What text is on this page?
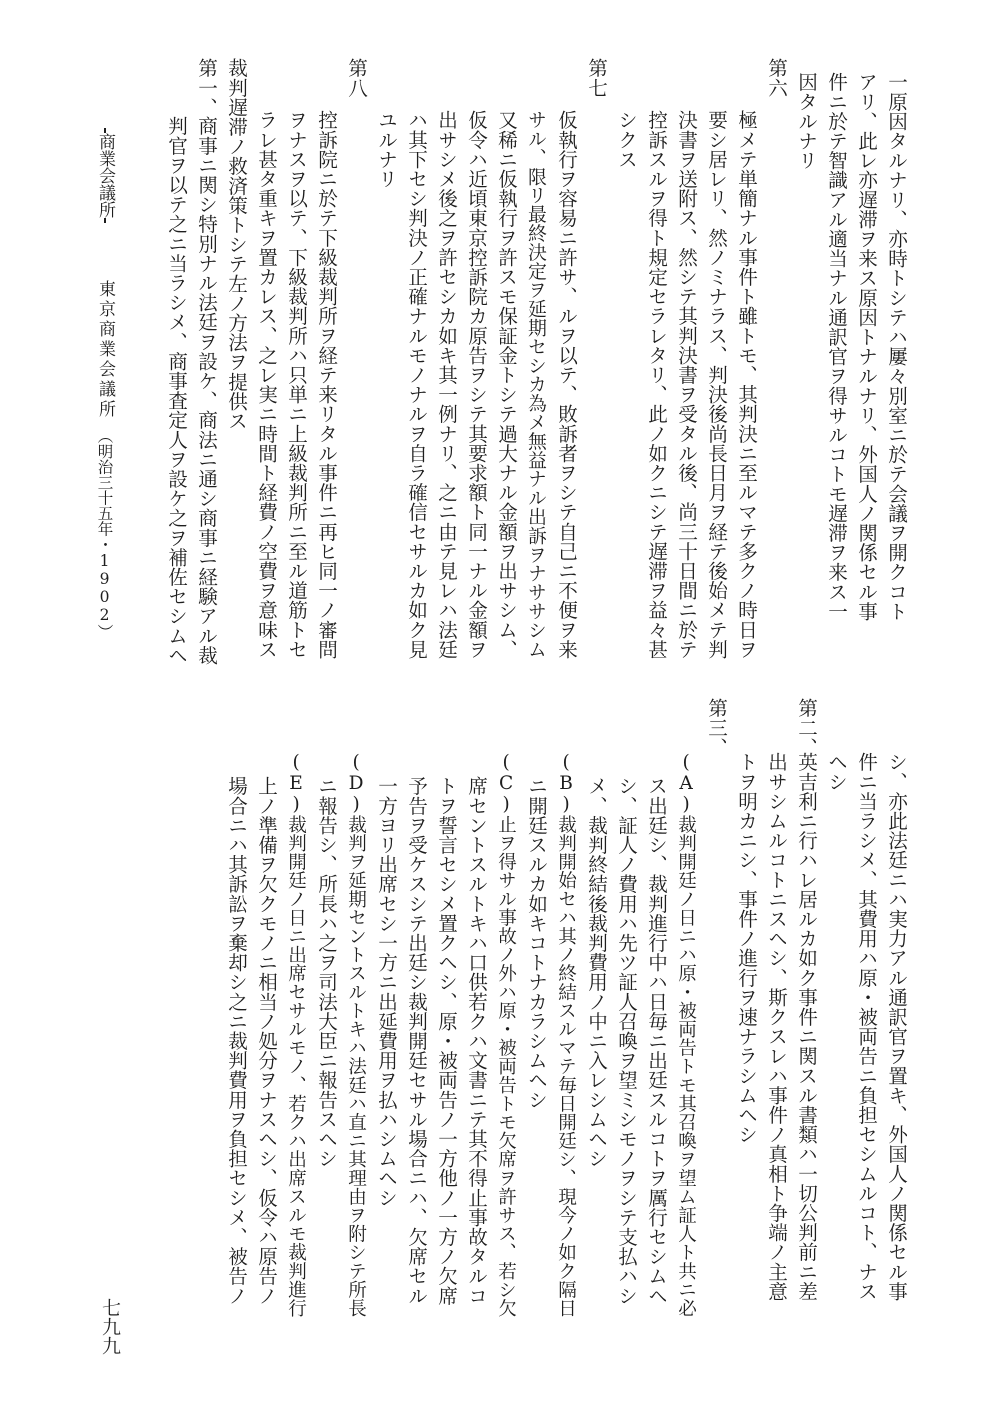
一原因タルナリ、亦時トシテハ屢々別室ニ於テ会議ヲ開クコト
アリ、此レ亦遅滞ヲ来ス原因トナルナリ、外国人ノ関係セル事
件ニ於テ智識アル適当ナル通訳官ヲ得サルコトモ遅滞ヲ来ス一
因タルナリ
第六
極メテ単簡ナル事件ト雖トモ、其判決ニ至ルマテ多クノ時日ヲ
要シ居レリ、然ノミナラス、判決後尚長日月ヲ経テ後始メテ判
決書ヲ送附ス、然シテ其判決書ヲ受タル後、尚三十日間ニ於テ
控訴スルヲ得ト規定セラレタリ、此ノ如クニシテ遅滞ヲ益々甚
シクス
第七
仮執行ヲ容易ニ許サ、ルヲ以テ、敗訴者ヲシテ自己ニ不便ヲ来
サル、限リ最終決定ヲ延期セシカ為メ無益ナル出訴ヲナササシム
又稀ニ仮執行ヲ許スモ保証金トシテ過大ナル金額ヲ出サシム、
仮令ハ近頃東京控訴院カ原告ヲシテ其要求額ト同一ナル金額ヲ
出サシメ後之ヲ許セシカ如キ其一例ナリ、之ニ由テ見レハ法廷
ハ其下セシ判決ノ正確ナルモノナルヲ自ラ確信セサルカ如ク見
ユルナリ
第八
控訴院ニ於テ下級裁判所ヲ経テ来リタル事件ニ再ヒ同一ノ審問
ヲナスヲ以テ、下級裁判所ハ只単ニ上級裁判所ニ至ル道筋トセ
ラレ甚タ重キヲ置カレス、之レ実ニ時間ト経費ノ空費ヲ意味ス
裁判遅滞ノ救済策トシテ左ノ方法ヲ提供ス
第一、
商事ニ関シ特別ナル法廷ヲ設ケ、商法ニ通シ商事ニ経験アル裁
判官ヲ以テ之ニ当ラシメ、商事査定人ヲ設ケ之ヲ補佐セシムヘ
商業会議所
東京商業会議所
（明治三十五年・1902）
シ、亦此法廷ニハ実力アル通訳官ヲ置キ、外国人ノ関係セル事
件ニ当ラシメ、其費用ハ原・被両告ニ負担セシムルコト、ナス
ヘシ
第二、
英吉利ニ行ハレ居ルカ如ク事件ニ関スル書類ハ一切公判前ニ差
出サシムルコトニスヘシ、斯クスレハ事件ノ真相ト争端ノ主意
トヲ明カニシ、事件ノ進行ヲ速ナラシムヘシ
第三、
(A)裁判開廷ノ日ニハ原・被両告トモ其召喚ヲ望ム証人ト共ニ必
ス出廷シ、裁判進行中ハ日毎ニ出廷スルコトヲ厲行セシムヘ
シ、証人ノ費用ハ先ツ証人召喚ヲ望ミシモノヲシテ支払ハシ
メ、裁判終結後裁判費用ノ中ニ入レシムヘシ
(B)裁判開始セハ其ノ終結スルマテ毎日開廷シ、現今ノ如ク隔日
ニ開廷スルカ如キコトナカラシムヘシ
(C)止ヲ得サル事故ノ外ハ原・被両告トモ欠席ヲ許サス、若シ欠
席セントスルトキハ口供若クハ文書ニテ其不得止事故タルコ
トヲ誓言セシメ置クヘシ、原・被両告ノ一方他ノ一方ノ欠席
予告ヲ受ケスシテ出廷シ裁判開廷セサル場合ニハ、欠席セル
一方ヨリ出席セシ一方ニ出延費用ヲ払ハシムヘシ
(D)裁判ヲ延期セントスルトキハ法廷ハ直ニ其理由ヲ附シテ所長
ニ報告シ、所長ハ之ヲ司法大臣ニ報告スヘシ
(E)裁判開廷ノ日ニ出席セサルモノ、若クハ出席スルモ裁判進行
上ノ準備ヲ欠クモノニ相当ノ処分ヲナスヘシ、仮令ハ原告ノ
場合ニハ其訴訟ヲ棄却シ之ニ裁判費用ヲ負担セシメ、被告ノ
七九九
